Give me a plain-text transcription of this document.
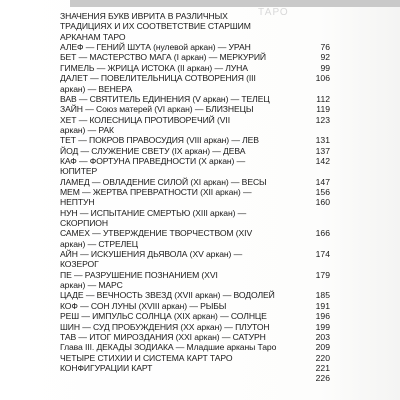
ТАРО
ЗНАЧЕНИЯ БУКВ ИВРИТА В РАЗЛИЧНЫХ
ТРАДИЦИЯХ И ИХ СООТВЕТСТВИЕ СТАРШИМ
АРКАНАМ ТАРО
АЛЕФ — ГЕНИЙ ШУТА (нулевой аркан) — УРАН	76
БЕТ — МАСТЕРСТВО МАГА (I аркан) — МЕРКУРИЙ	92
ГИМЕЛЬ — ЖРИЦА ИСТОКА (II аркан) — ЛУНА	99
ДАЛЕТ — ПОВЕЛИТЕЛЬНИЦА СОТВОРЕНИЯ (III	106
аркан) — ВЕНЕРА
ВАВ — СВЯТИТЕЛЬ ЕДИНЕНИЯ (V аркан) — ТЕЛЕЦ	112
ЗАЙН — Союз матерей (VI аркан) — БЛИЗНЕЦЫ	119
ХЕТ — КОЛЕСНИЦА ПРОТИВОРЕЧИЙ (VII	123
аркан) — РАК
ТЕТ — ПОКРОВ ПРАВОСУДИЯ (VIII аркан) — ЛЕВ	131
ЙОД — СЛУЖЕНИЕ СВЕТУ (IX аркан) — ДЕВА	137
КАФ — ФОРТУНА ПРАВЕДНОСТИ (X аркан) —	142
ЮПИТЕР
ЛАМЕД — ОВЛАДЕНИЕ СИЛОЙ (XI аркан) — ВЕСЫ	147
МЕМ — ЖЕРТВА ПРЕВРАТНОСТИ (XII аркан) —	156
НЕПТУН	160
НУН — ИСПЫТАНИЕ СМЕРТЬЮ (XIII аркан) —
СКОРПИОН
САМЕХ — УТВЕРЖДЕНИЕ ТВОРЧЕСТВОМ (XIV	166
аркан) — СТРЕЛЕЦ
АЙН — ИСКУШЕНИЯ ДЬЯВОЛА (XV аркан) —	174
КОЗЕРОГ
ПЕ — РАЗРУШЕНИЕ ПОЗНАНИЕМ (XVI	179
аркан) — МАРС
ЦАДЕ — ВЕЧНОСТЬ ЗВЕЗД (XVII аркан) — ВОДОЛЕЙ	185
КОФ — СОН ЛУНЫ (XVIII аркан) — РЫБЫ	191
РЕШ — ИМПУЛЬС СОЛНЦА (XIX аркан) — СОЛНЦЕ	196
ШИН — СУД ПРОБУЖДЕНИЯ (XX аркан) — ПЛУТОН	199
ТАВ — ИТОГ МИРОЗДАНИЯ (XXI аркан) — САТУРН	203
Глава III. ДЕКАДЫ ЗОДИАКА — Младшие арканы Таро	209
ЧЕТЫРЕ СТИХИИ И СИСТЕМА КАРТ ТАРО	220
КОНФИГУРАЦИИ КАРТ	221
226
